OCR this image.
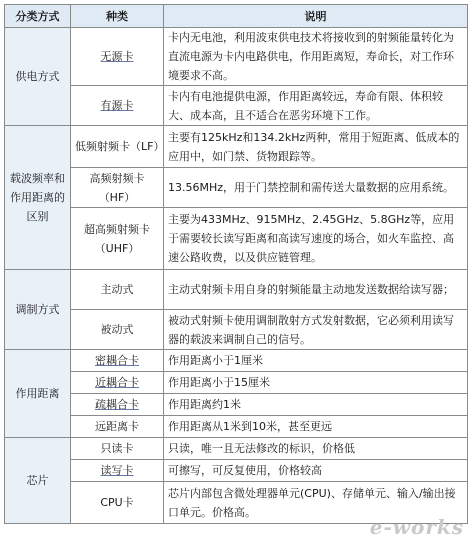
分类方式	种类	说明
供电方式	无源卡	卡内无电池，利用波束供电技术将接收到的射频能量转化为直流电源为卡内电路供电，作用距离短，寿命长，对工作环境要求不高。
	有源卡	卡内有电池提供电源，作用距离较远，寿命有限、体积较大、成本高，且不适合在恶劣环境下工作。
载波频率和作用距离的区别	低频射频卡（LF）	主要有125kHz和134.2kHz两种，常用于短距离、低成本的应用中，如门禁、货物跟踪等。
	高频射频卡（HF）	13.56MHz，用于门禁控制和需传送大量数据的应用系统。
	超高频射频卡（UHF）	主要为433MHz、915MHz、2.45GHz、5.8GHz等，应用于需要较长读写距离和高读写速度的场合，如火车监控、高速公路收费，以及供应链管理。
调制方式	主动式	主动式射频卡用自身的射频能量主动地发送数据给读写器；
	被动式	被动式射频卡使用调制散射方式发射数据，它必须利用读写器的载波来调制自己的信号。
作用距离	密耦合卡	作用距离小于1厘米
	近耦合卡	作用距离小于15厘米
	疏耦合卡	作用距离约1米
	远距离卡	作用距离从1米到10米，甚至更远
芯片	只读卡	只读，唯一且无法修改的标识，价格低
	读写卡	可擦写，可反复使用，价格较高
	CPU卡	芯片内部包含微处理器单元(CPU)、存储单元、输入/输出接口单元。价格高。
e-works
